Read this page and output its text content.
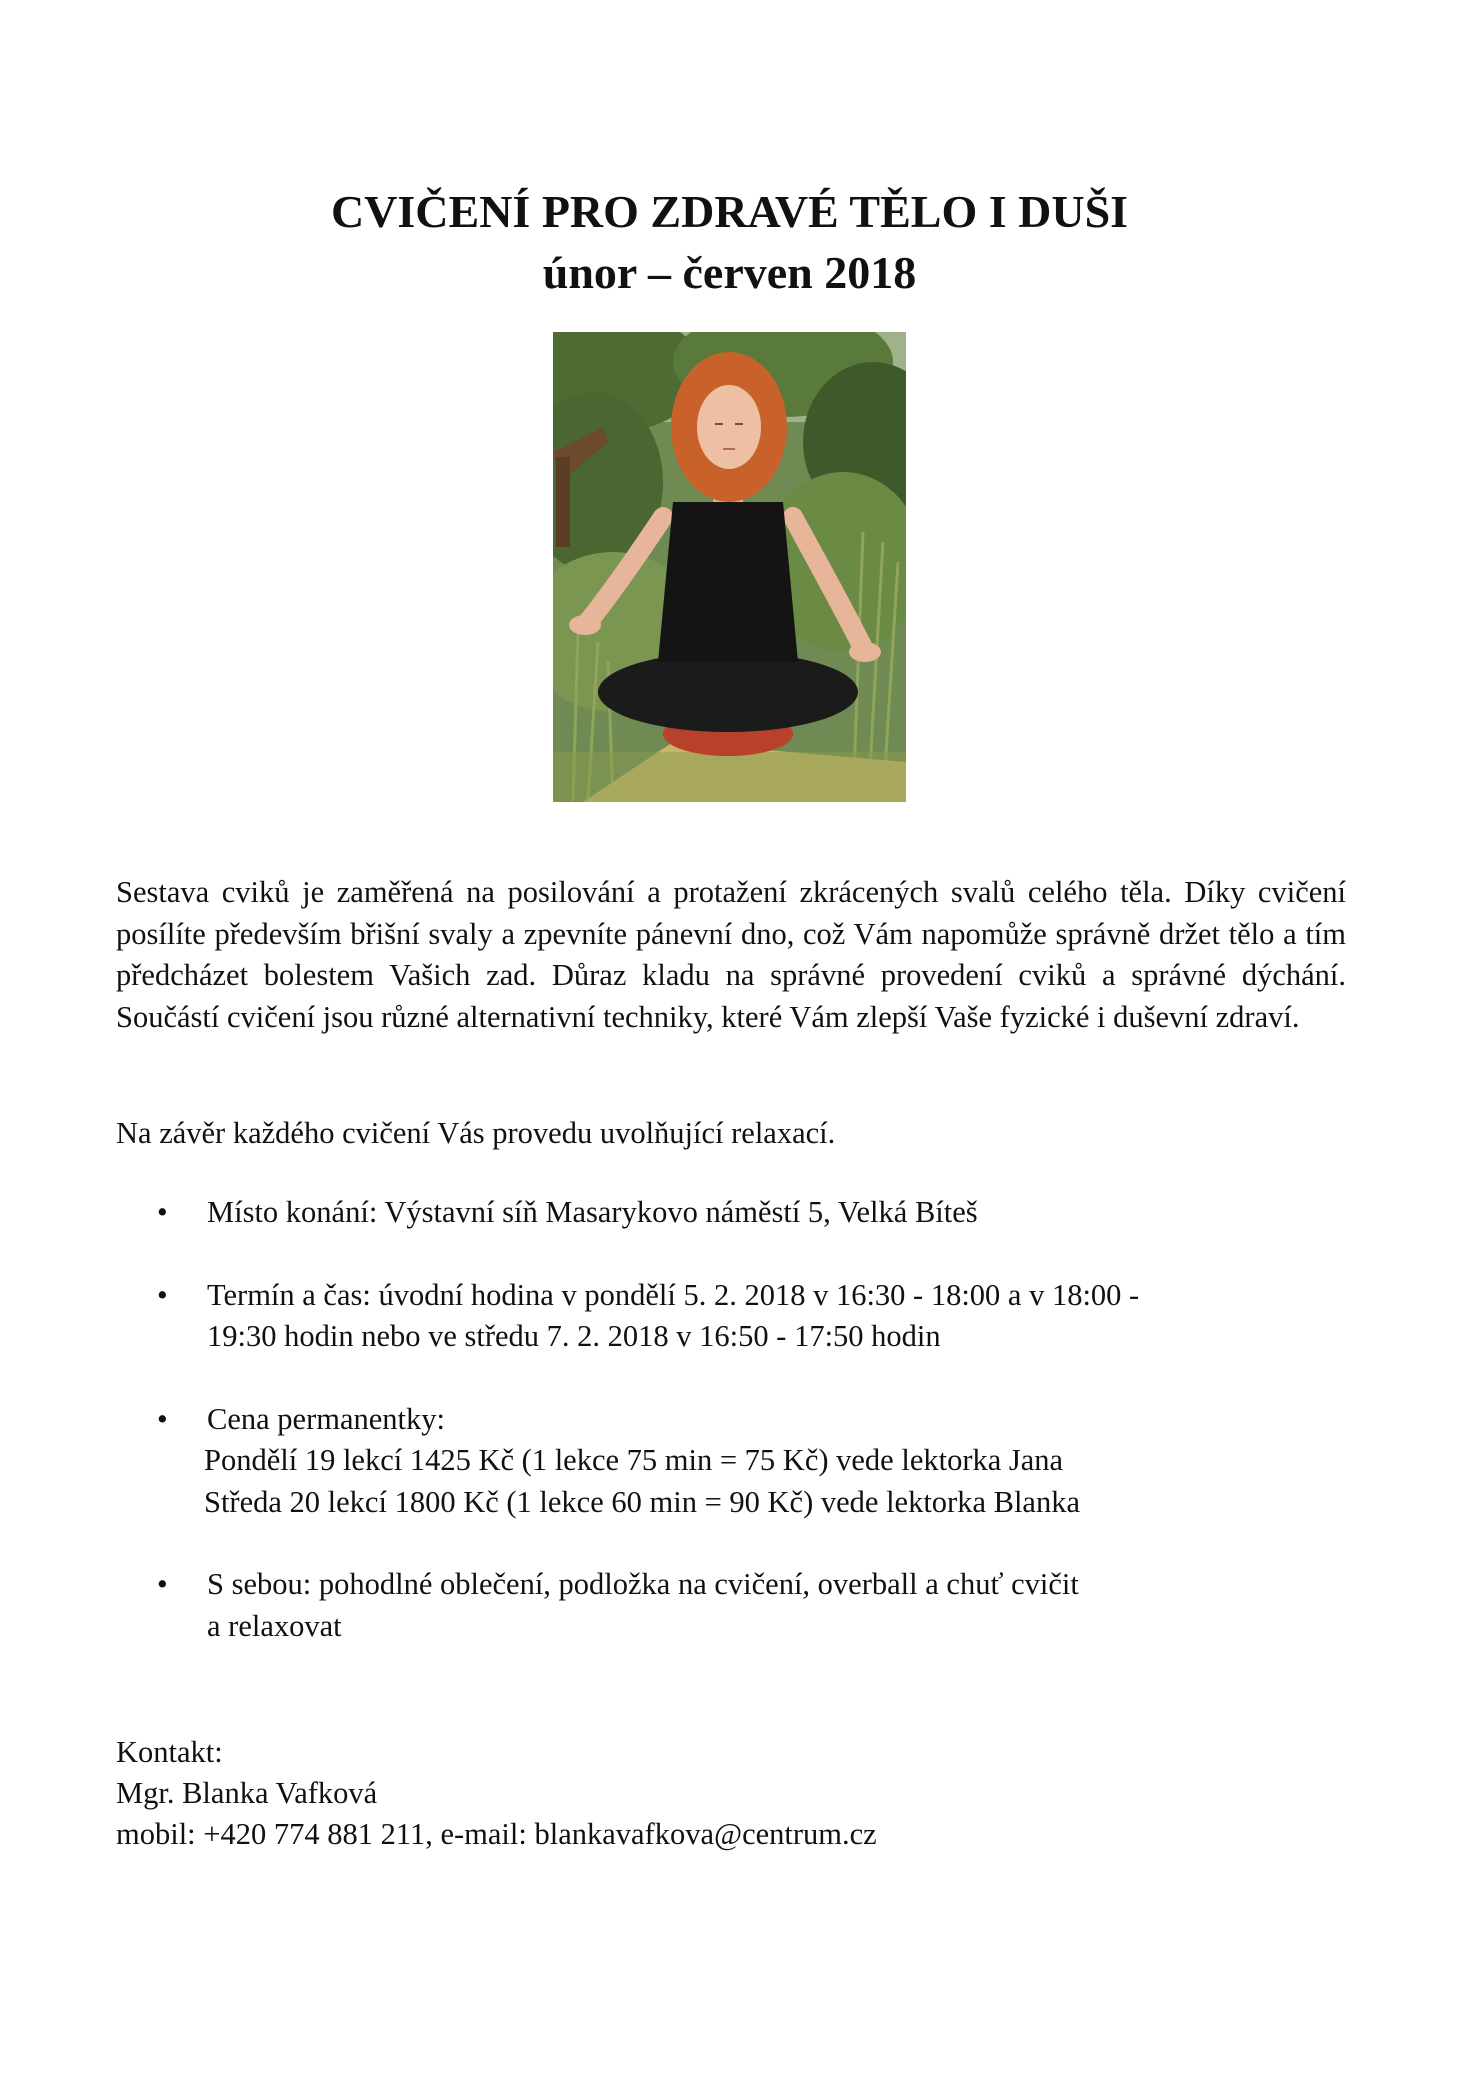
CVIČENÍ PRO ZDRAVÉ TĚLO I DUŠI
únor – červen 2018

Sestava cviků je zaměřená na posilování a protažení zkrácených svalů celého těla. Díky cvičení posílíte především břišní svaly a zpevníte pánevní dno, což Vám napomůže správně držet tělo a tím předcházet bolestem Vašich zad. Důraz kladu na správné provedení cviků a správné dýchání. Součástí cvičení jsou různé alternativní techniky, které Vám zlepší Vaše fyzické i duševní zdraví.

Na závěr každého cvičení Vás provedu uvolňující relaxací.

• Místo konání: Výstavní síň Masarykovo náměstí 5, Velká Bíteš
• Termín a čas: úvodní hodina v pondělí 5. 2. 2018 v 16:30 - 18:00 a v 18:00 -
19:30 hodin nebo ve středu 7. 2. 2018 v 16:50 - 17:50 hodin
• Cena permanentky:
Pondělí 19 lekcí 1425 Kč (1 lekce 75 min = 75 Kč) vede lektorka Jana
Středa 20 lekcí 1800 Kč (1 lekce 60 min = 90 Kč) vede lektorka Blanka
• S sebou: pohodlné oblečení, podložka na cvičení, overball a chuť cvičit
a relaxovat

Kontakt:
Mgr. Blanka Vafková
mobil: +420 774 881 211, e-mail: blankavafkova@centrum.cz
